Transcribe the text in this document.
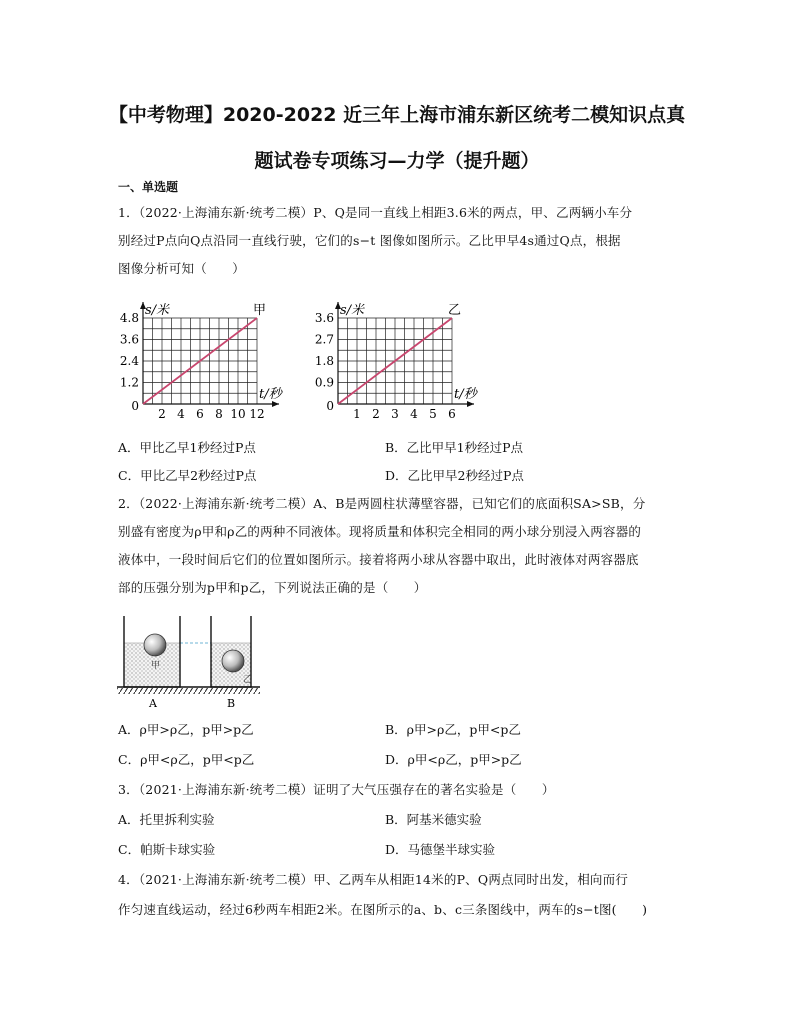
【中考物理】2020-2022 近三年上海市浦东新区统考二模知识点真
题试卷专项练习—力学（提升题）
一、单选题
1．（2022·上海浦东新·统考二模）P、Q是同一直线上相距3.6米的两点，甲、乙两辆小车分
别经过P点向Q点沿同一直线行驶，它们的s−t 图像如图所示。乙比甲早4s通过Q点，根据
图像分析可知（　　）
2 4 6 8 10 12
1.2
2.4
3.6
4.8
0
s/米
t/秒
甲
1 2 3 4 5 6
0.9
1.8
2.7
3.6
0
s/米
t/秒
乙
A．甲比乙早1秒经过P点	B．乙比甲早1秒经过P点
C．甲比乙早2秒经过P点	D．乙比甲早2秒经过P点
2．（2022·上海浦东新·统考二模）A、B是两圆柱状薄壁容器，已知它们的底面积SA>SB，分
别盛有密度为ρ甲和ρ乙的两种不同液体。现将质量和体积完全相同的两小球分别浸入两容器的
液体中，一段时间后它们的位置如图所示。接着将两小球从容器中取出，此时液体对两容器底
部的压强分别为p甲和p乙，下列说法正确的是（　　）
甲
乙
A	B
A．ρ甲>ρ乙，p甲>p乙	B．ρ甲>ρ乙，p甲<p乙
C．ρ甲<ρ乙，p甲<p乙	D．ρ甲<ρ乙，p甲>p乙
3．（2021·上海浦东新·统考二模）证明了大气压强存在的著名实验是（　　）
A．托里拆利实验	B．阿基米德实验
C．帕斯卡球实验	D．马德堡半球实验
4．（2021·上海浦东新·统考二模）甲、乙两车从相距14米的P、Q两点同时出发，相向而行
作匀速直线运动，经过6秒两车相距2米。在图所示的a、b、c三条图线中，两车的s−t图(　　)
